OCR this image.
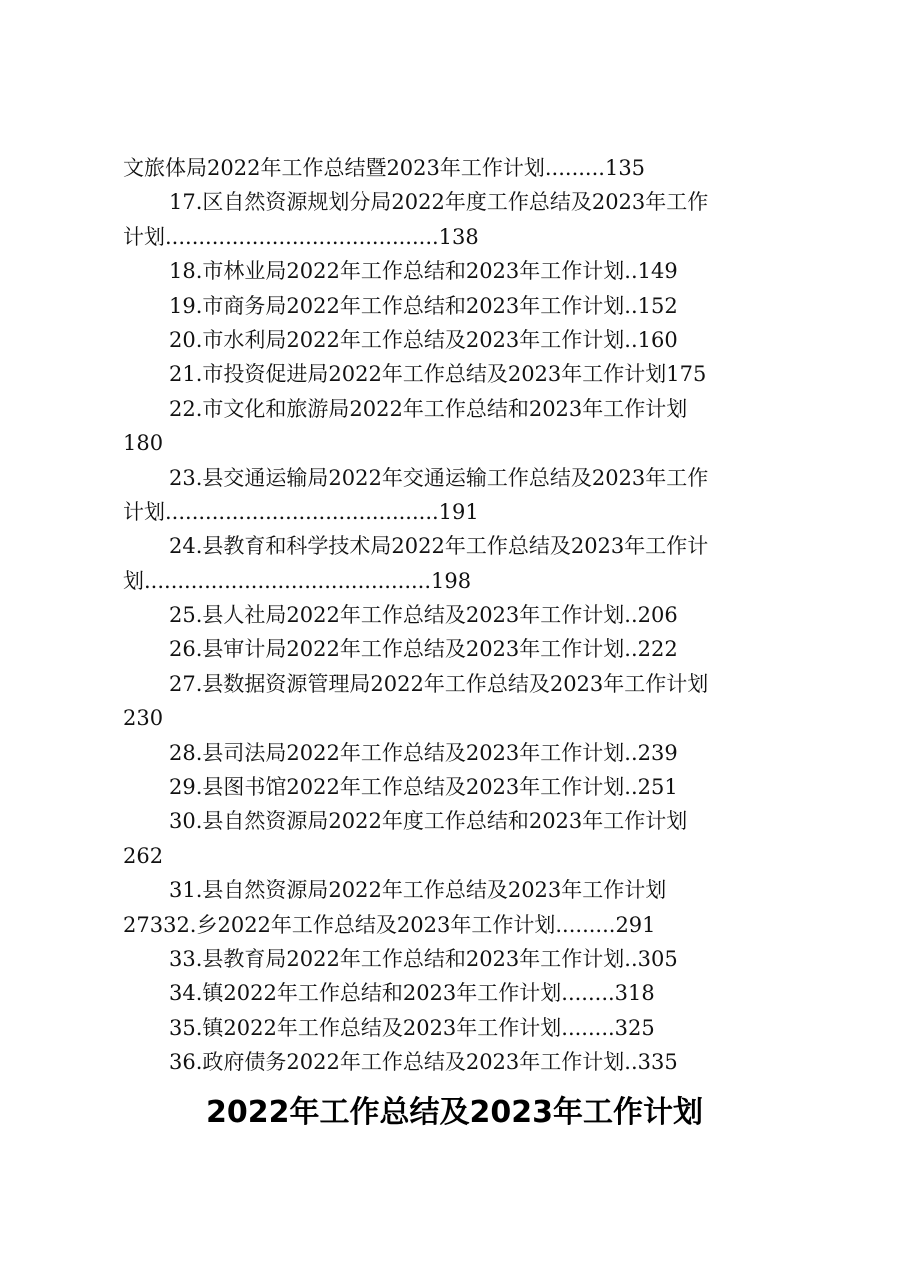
文旅体局2022年工作总结暨2023年工作计划.........135
17.区自然资源规划分局2022年度工作总结及2023年工作
计划.........................................138
18.市林业局2022年工作总结和2023年工作计划..149
19.市商务局2022年工作总结和2023年工作计划..152
20.市水利局2022年工作总结及2023年工作计划..160
21.市投资促进局2022年工作总结及2023年工作计划175
22.市文化和旅游局2022年工作总结和2023年工作计划
180
23.县交通运输局2022年交通运输工作总结及2023年工作
计划.........................................191
24.县教育和科学技术局2022年工作总结及2023年工作计
划...........................................198
25.县人社局2022年工作总结及2023年工作计划..206
26.县审计局2022年工作总结及2023年工作计划..222
27.县数据资源管理局2022年工作总结及2023年工作计划
230
28.县司法局2022年工作总结及2023年工作计划..239
29.县图书馆2022年工作总结及2023年工作计划..251
30.县自然资源局2022年度工作总结和2023年工作计划
262
31.县自然资源局2022年工作总结及2023年工作计划
27332.乡2022年工作总结及2023年工作计划.........291
33.县教育局2022年工作总结和2023年工作计划..305
34.镇2022年工作总结和2023年工作计划........318
35.镇2022年工作总结及2023年工作计划........325
36.政府债务2022年工作总结及2023年工作计划..335
2022年工作总结及2023年工作计划
